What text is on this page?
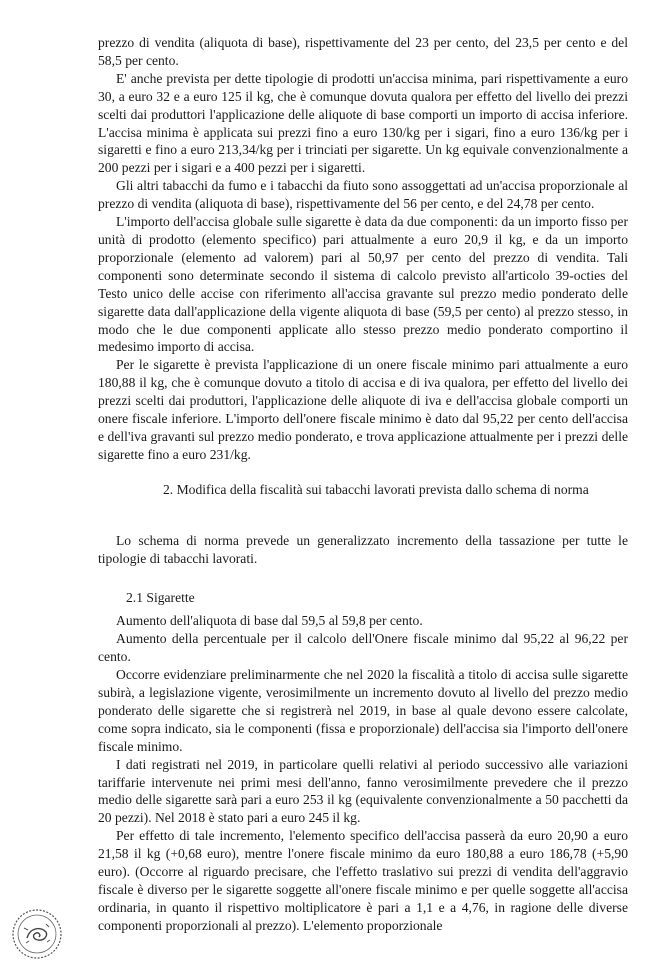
prezzo di vendita (aliquota di base), rispettivamente del 23 per cento, del 23,5 per cento e del 58,5 per cento.

E' anche prevista per dette tipologie di prodotti un'accisa minima, pari rispettivamente a euro 30, a euro 32 e a euro 125 il kg, che è comunque dovuta qualora per effetto del livello dei prezzi scelti dai produttori l'applicazione delle aliquote di base comporti un importo di accisa inferiore. L'accisa minima è applicata sui prezzi fino a euro 130/kg per i sigari, fino a euro 136/kg per i sigaretti e fino a euro 213,34/kg per i trinciati per sigarette. Un kg equivale convenzionalmente a 200 pezzi per i sigari e a 400 pezzi per i sigaretti.

Gli altri tabacchi da fumo e i tabacchi da fiuto sono assoggettati ad un'accisa proporzionale al prezzo di vendita (aliquota di base), rispettivamente del 56 per cento, e del 24,78 per cento.

L'importo dell'accisa globale sulle sigarette è data da due componenti: da un importo fisso per unità di prodotto (elemento specifico) pari attualmente a euro 20,9 il kg, e da un importo proporzionale (elemento ad valorem) pari al 50,97 per cento del prezzo di vendita. Tali componenti sono determinate secondo il sistema di calcolo previsto all'articolo 39-octies del Testo unico delle accise con riferimento all'accisa gravante sul prezzo medio ponderato delle sigarette data dall'applicazione della vigente aliquota di base (59,5 per cento) al prezzo stesso, in modo che le due componenti applicate allo stesso prezzo medio ponderato comportino il medesimo importo di accisa.

Per le sigarette è prevista l'applicazione di un onere fiscale minimo pari attualmente a euro 180,88 il kg, che è comunque dovuto a titolo di accisa e di iva qualora, per effetto del livello dei prezzi scelti dai produttori, l'applicazione delle aliquote di iva e dell'accisa globale comporti un onere fiscale inferiore. L'importo dell'onere fiscale minimo è dato dal 95,22 per cento dell'accisa e dell'iva gravanti sul prezzo medio ponderato, e trova applicazione attualmente per i prezzi delle sigarette fino a euro 231/kg.

2. Modifica della fiscalità sui tabacchi lavorati prevista dallo schema di norma

Lo schema di norma prevede un generalizzato incremento della tassazione per tutte le tipologie di tabacchi lavorati.

2.1 Sigarette

Aumento dell'aliquota di base dal 59,5 al 59,8 per cento.

Aumento della percentuale per il calcolo dell'Onere fiscale minimo dal 95,22 al 96,22 per cento.

Occorre evidenziare preliminarmente che nel 2020 la fiscalità a titolo di accisa sulle sigarette subirà, a legislazione vigente, verosimilmente un incremento dovuto al livello del prezzo medio ponderato delle sigarette che si registrerà nel 2019, in base al quale devono essere calcolate, come sopra indicato, sia le componenti (fissa e proporzionale) dell'accisa sia l'importo dell'onere fiscale minimo.

I dati registrati nel 2019, in particolare quelli relativi al periodo successivo alle variazioni tariffarie intervenute nei primi mesi dell'anno, fanno verosimilmente prevedere che il prezzo medio delle sigarette sarà pari a euro 253 il kg (equivalente convenzionalmente a 50 pacchetti da 20 pezzi). Nel 2018 è stato pari a euro 245 il kg.

Per effetto di tale incremento, l'elemento specifico dell'accisa passerà da euro 20,90 a euro 21,58 il kg (+0,68 euro), mentre l'onere fiscale minimo da euro 180,88 a euro 186,78 (+5,90 euro). (Occorre al riguardo precisare, che l'effetto traslativo sui prezzi di vendita dell'aggravio fiscale è diverso per le sigarette soggette all'onere fiscale minimo e per quelle soggette all'accisa ordinaria, in quanto il rispettivo moltiplicatore è pari a 1,1 e a 4,76, in ragione delle diverse componenti proporzionali al prezzo). L'elemento proporzionale
